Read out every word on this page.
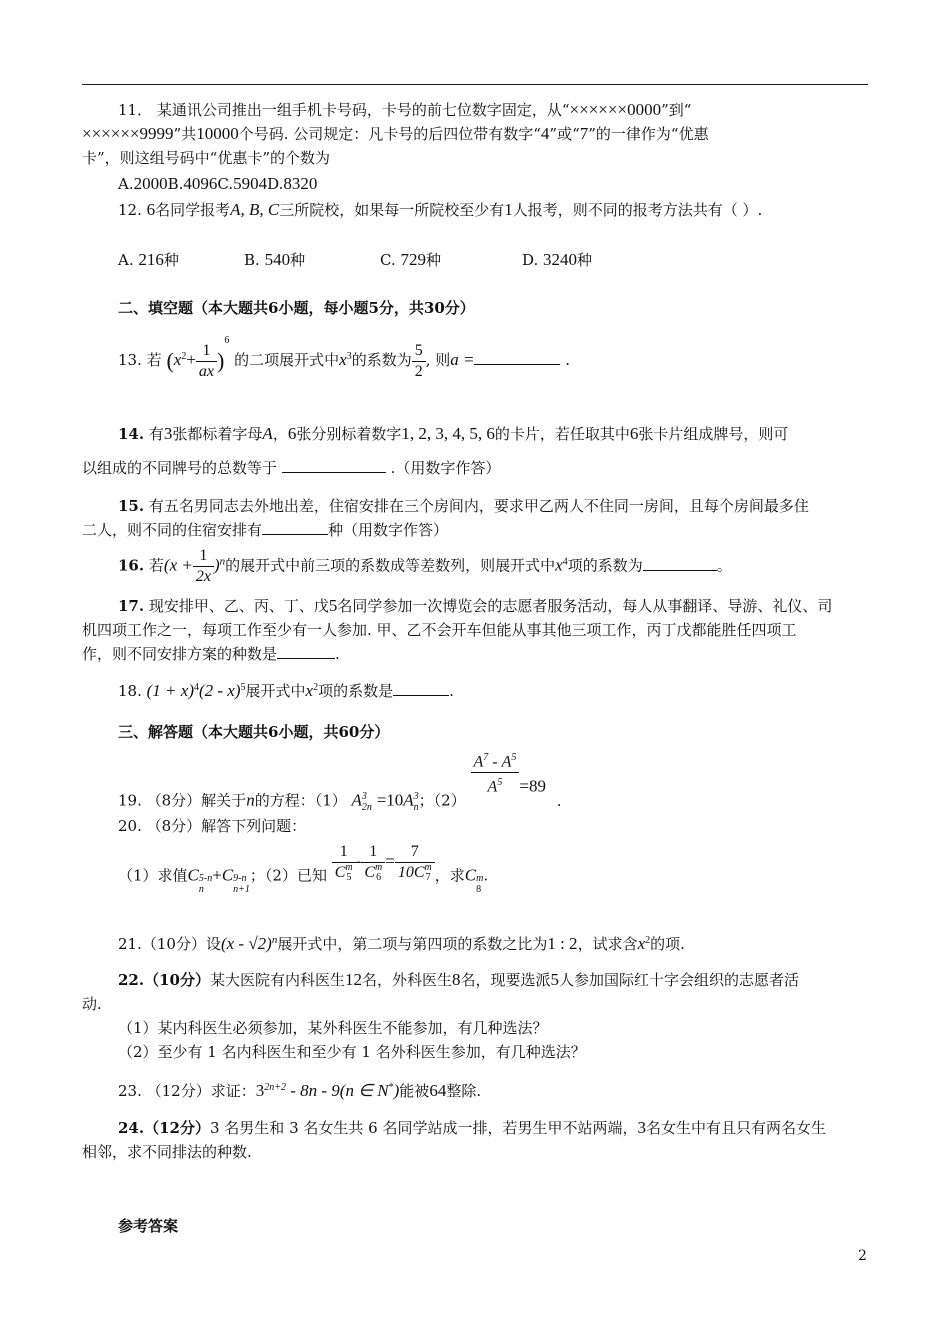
11． 某通讯公司推出一组手机卡号码，卡号的前七位数字固定，从“××××××0000”到“
××××××9999”共10000个号码. 公司规定：凡卡号的后四位带有数字“4”或“7”的一律作为“优惠
卡”，则这组号码中“优惠卡”的个数为
A.2000B.4096C.5904D.8320
12. 6名同学报考A, B, C三所院校，如果每一所院校至少有1人报考，则不同的报考方法共有（ ）.
A. 216种	B. 540种	C. 729种	D. 3240种
二、填空题（本大题共6小题，每小题5分，共30分）
13. 若 $(x^2+ \frac{1}{ax} )^6$ 的二项展开式中$x^3$的系数为 $\frac{5}{2}$ , 则a =	.
14. 有3张都标着字母A，6张分别标着数字1, 2, 3, 4, 5, 6的卡片，若任取其中6张卡片组成牌号，则可
以组成的不同牌号的总数等于	.（用数字作答）
15. 有五名男同志去外地出差，住宿安排在三个房间内，要求甲乙两人不住同一房间，且每个房间最多住
二人，则不同的住宿安排有	种（用数字作答）
16. 若$(x + \frac{1}{2x} )^n$的展开式中前三项的系数成等差数列，则展开式中$x^4$项的系数为	。
17. 现安排甲、乙、丙、丁、戊5名同学参加一次博览会的志愿者服务活动，每人从事翻译、导游、礼仪、司
机四项工作之一，每项工作至少有一人参加. 甲、乙不会开车但能从事其他三项工作，丙丁戊都能胜任四项工
作，则不同安排方案的种数是	.
18. $(1 + x)^4(2 - x)^5$展开式中$x^2$项的系数是	.
三、解答题（本大题共6小题，共60分）
19. （8分）解关于n的方程：（1） A 3
2n =10A 3
n ；（2）
$\frac{A^7 - A^5}{A^5} =89$ .
20. （8分）解答下列问题：
（1）求值C 5-n
n
+C 9-n
n+1
；（2）已知 1
C m
5 - 1
C m
6 = 7
10C m
7 ，求C m
8
.
21.（10分）设(x - √2)$^n$展开式中，第二项与第四项的系数之比为1 : 2，试求含$x^2$的项.
22.（10分）某大医院有内科医生12名，外科医生8名，现要选派5人参加国际红十字会组织的志愿者活
动.
（1）某内科医生必须参加，某外科医生不能参加，有几种选法？
（2）至少有 1 名内科医生和至少有 1 名外科医生参加，有几种选法？
23. （12分）求证：$3^{2n+2} - 8n - 9(n$ ∈ N*)能被64整除.
24.（12分）3 名男生和 3 名女生共 6 名同学站成一排，若男生甲不站两端，3名女生中有且只有两名女生
相邻，求不同排法的种数.
参考答案
2
